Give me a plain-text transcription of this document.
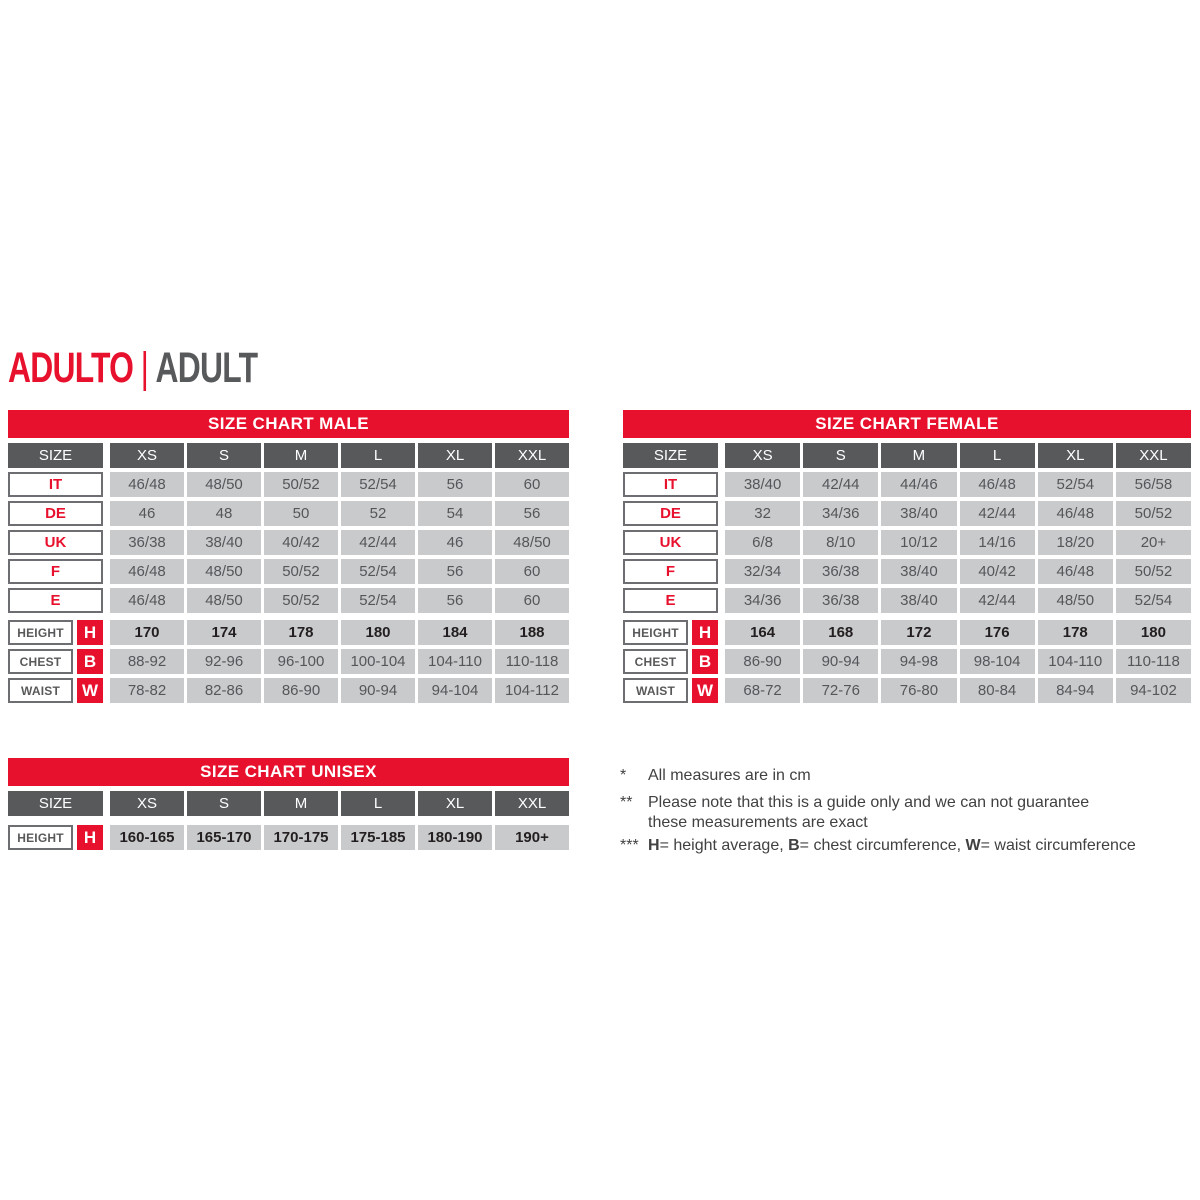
ADULTO | ADULT
SIZE CHART MALE
SIZE	XS	S	M	L	XL	XXL
IT	46/48	48/50	50/52	52/54	56	60
DE	46	48	50	52	54	56
UK	36/38	38/40	40/42	42/44	46	48/50
F	46/48	48/50	50/52	52/54	56	60
E	46/48	48/50	50/52	52/54	56	60
HEIGHT	H	170	174	178	180	184	188
CHEST	B	88-92	92-96	96-100	100-104	104-110	110-118
WAIST	W	78-82	82-86	86-90	90-94	94-104	104-112
SIZE CHART FEMALE
SIZE	XS	S	M	L	XL	XXL
IT	38/40	42/44	44/46	46/48	52/54	56/58
DE	32	34/36	38/40	42/44	46/48	50/52
UK	6/8	8/10	10/12	14/16	18/20	20+
F	32/34	36/38	38/40	40/42	46/48	50/52
E	34/36	36/38	38/40	42/44	48/50	52/54
HEIGHT	H	164	168	172	176	178	180
CHEST	B	86-90	90-94	94-98	98-104	104-110	110-118
WAIST	W	68-72	72-76	76-80	80-84	84-94	94-102
SIZE CHART UNISEX
SIZE	XS	S	M	L	XL	XXL
HEIGHT	H	160-165	165-170	170-175	175-185	180-190	190+
*	All measures are in cm
** Please note that this is a guide only and we can not guarantee
these measurements are exact
*** H= height average, B= chest circumference, W= waist circumference
